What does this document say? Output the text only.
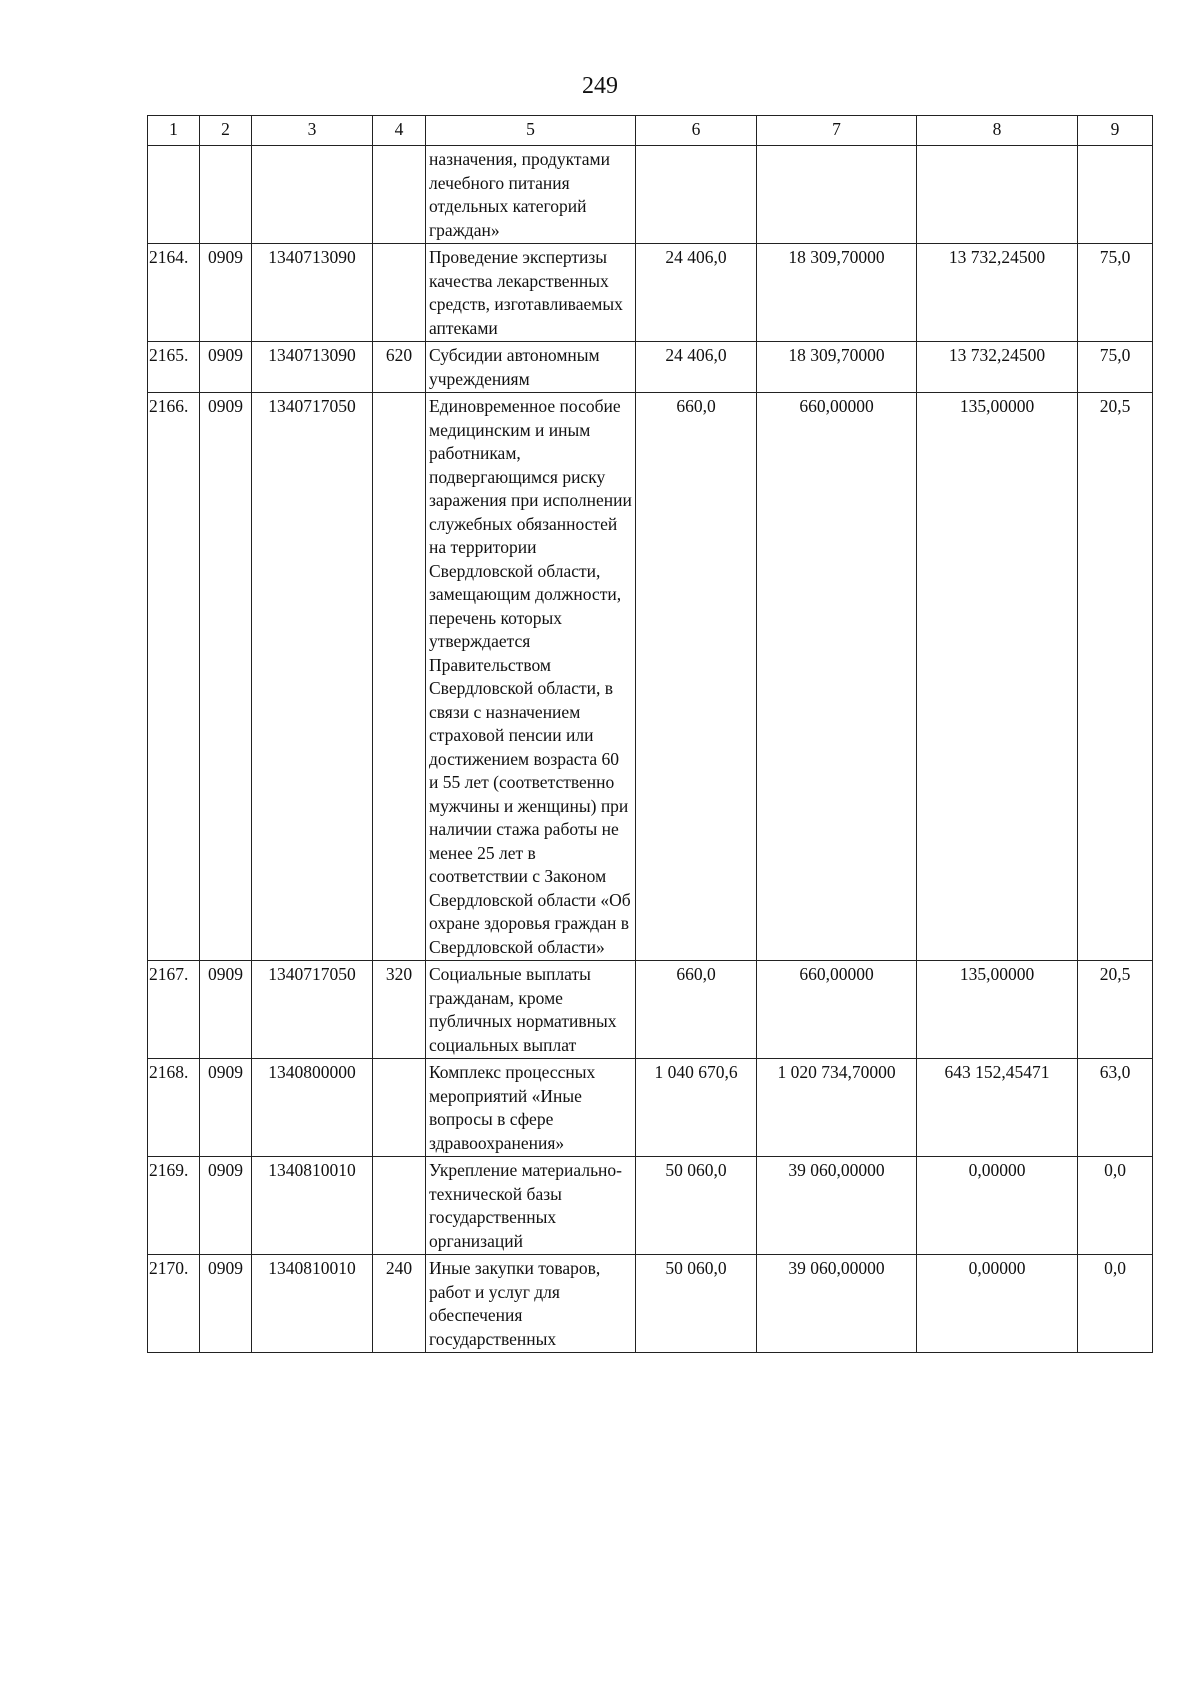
249
1	2	3	4	5	6	7	8	9
				назначения, продуктами лечебного питания отдельных категорий граждан»				
2164.	0909	1340713090		Проведение экспертизы качества лекарственных средств, изготавливаемых аптеками	24 406,0	18 309,70000	13 732,24500	75,0
2165.	0909	1340713090	620	Субсидии автономным учреждениям	24 406,0	18 309,70000	13 732,24500	75,0
2166.	0909	1340717050		Единовременное пособие медицинским и иным работникам, подвергающимся риску заражения при исполнении служебных обязанностей на территории Свердловской области, замещающим должности, перечень которых утверждается Правительством Свердловской области, в связи с назначением страховой пенсии или достижением возраста 60 и 55 лет (соответственно мужчины и женщины) при наличии стажа работы не менее 25 лет в соответствии с Законом Свердловской области «Об охране здоровья граждан в Свердловской области»	660,0	660,00000	135,00000	20,5
2167.	0909	1340717050	320	Социальные выплаты гражданам, кроме публичных нормативных социальных выплат	660,0	660,00000	135,00000	20,5
2168.	0909	1340800000		Комплекс процессных мероприятий «Иные вопросы в сфере здравоохранения»	1 040 670,6	1 020 734,70000	643 152,45471	63,0
2169.	0909	1340810010		Укрепление материально-технической базы государственных организаций	50 060,0	39 060,00000	0,00000	0,0
2170.	0909	1340810010	240	Иные закупки товаров, работ и услуг для обеспечения государственных	50 060,0	39 060,00000	0,00000	0,0
